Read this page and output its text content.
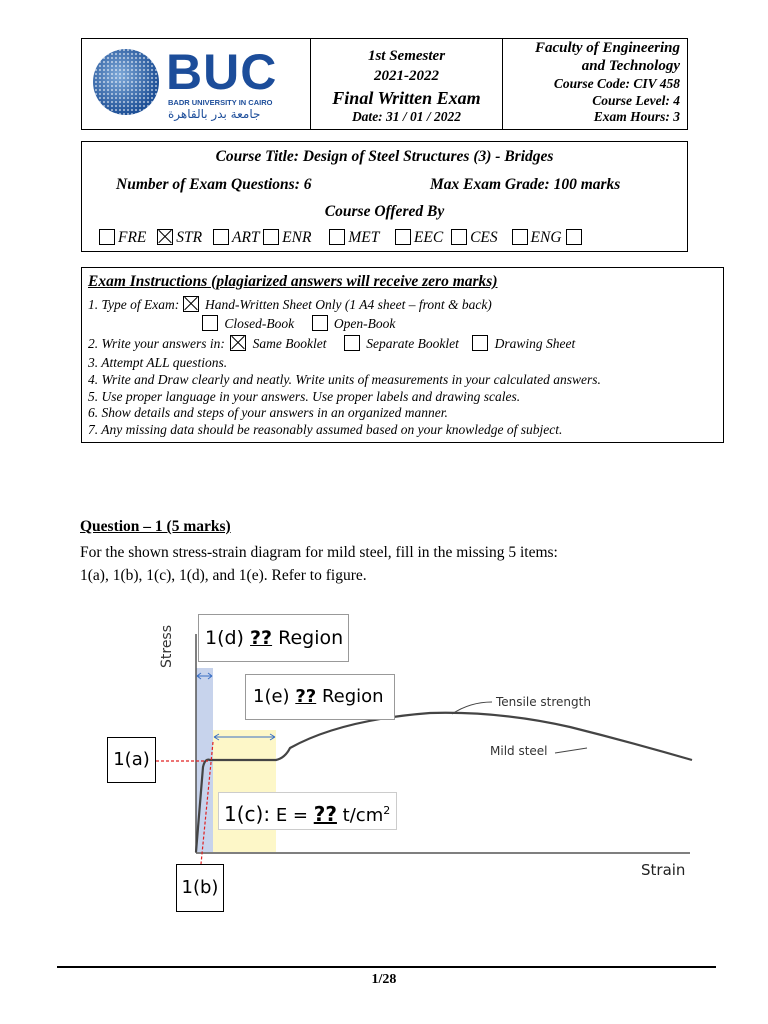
BUC
BADR UNIVERSITY IN CAIRO
جامعة بدر بالقاهرة
1st Semester
2021-2022
Final Written Exam
Date: 31 / 01 / 2022
Faculty of Engineering
and Technology
Course Code: CIV 458
Course Level: 4
Exam Hours: 3
Course Title: Design of Steel Structures (3) - Bridges
Number of Exam Questions: 6	Max Exam Grade: 100 marks
Course Offered By
FRE STR ART ENR MET EEC CES ENG
Exam Instructions (plagiarized answers will receive zero marks)
1. Type of Exam: Hand-Written Sheet Only (1 A4 sheet – front & back)
Closed-Book	Open-Book
2. Write your answers in: Same Booklet	Separate Booklet	Drawing Sheet
3. Attempt ALL questions.
4. Write and Draw clearly and neatly. Write units of measurements in your calculated answers.
5. Use proper language in your answers. Use proper labels and drawing scales.
6. Show details and steps of your answers in an organized manner.
7. Any missing data should be reasonably assumed based on your knowledge of subject.
Question – 1 (5 marks)
For the shown stress-strain diagram for mild steel, fill in the missing 5 items:
1(a), 1(b), 1(c), 1(d), and 1(e). Refer to figure.
Stress
Strain
Tensile strength
Mild steel
1(d) ?? Region
1(e) ?? Region
1(c): E = ?? $t/cm^2$
1(a)
1(b)
1/28
